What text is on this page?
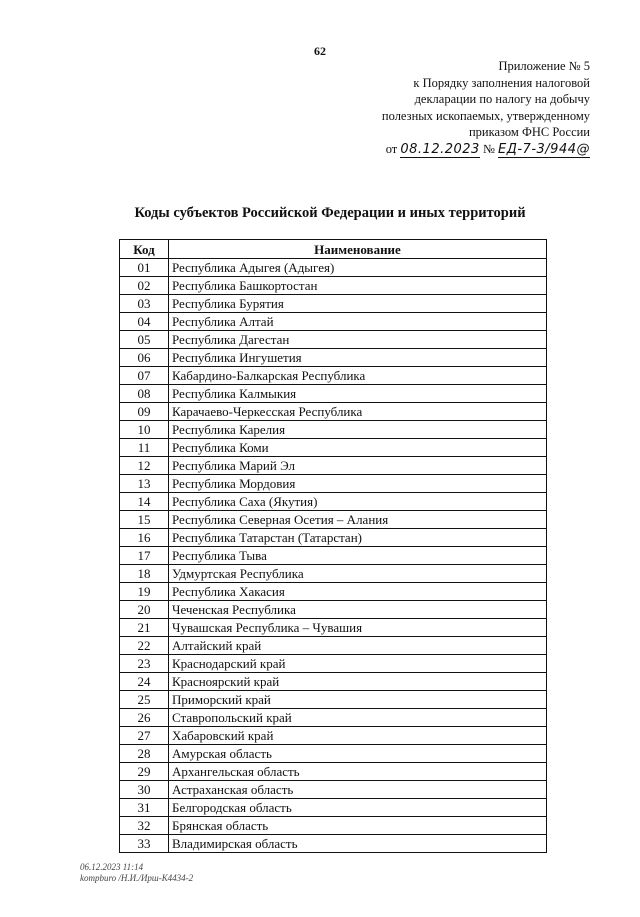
62
Приложение № 5
к Порядку заполнения налоговой
декларации по налогу на добычу
полезных ископаемых, утвержденному
приказом ФНС России
от 08.12.2023 № ЕД-7-3/944@
Коды субъектов Российской Федерации и иных территорий
Код	Наименование
01	Республика Адыгея (Адыгея)
02	Республика Башкортостан
03	Республика Бурятия
04	Республика Алтай
05	Республика Дагестан
06	Республика Ингушетия
07	Кабардино-Балкарская Республика
08	Республика Калмыкия
09	Карачаево-Черкесская Республика
10	Республика Карелия
11	Республика Коми
12	Республика Марий Эл
13	Республика Мордовия
14	Республика Саха (Якутия)
15	Республика Северная Осетия – Алания
16	Республика Татарстан (Татарстан)
17	Республика Тыва
18	Удмуртская Республика
19	Республика Хакасия
20	Чеченская Республика
21	Чувашская Республика – Чувашия
22	Алтайский край
23	Краснодарский край
24	Красноярский край
25	Приморский край
26	Ставропольский край
27	Хабаровский край
28	Амурская область
29	Архангельская область
30	Астраханская область
31	Белгородская область
32	Брянская область
33	Владимирская область
06.12.2023 11:14
kompburo /Н.И./Ирш-К4434-2
